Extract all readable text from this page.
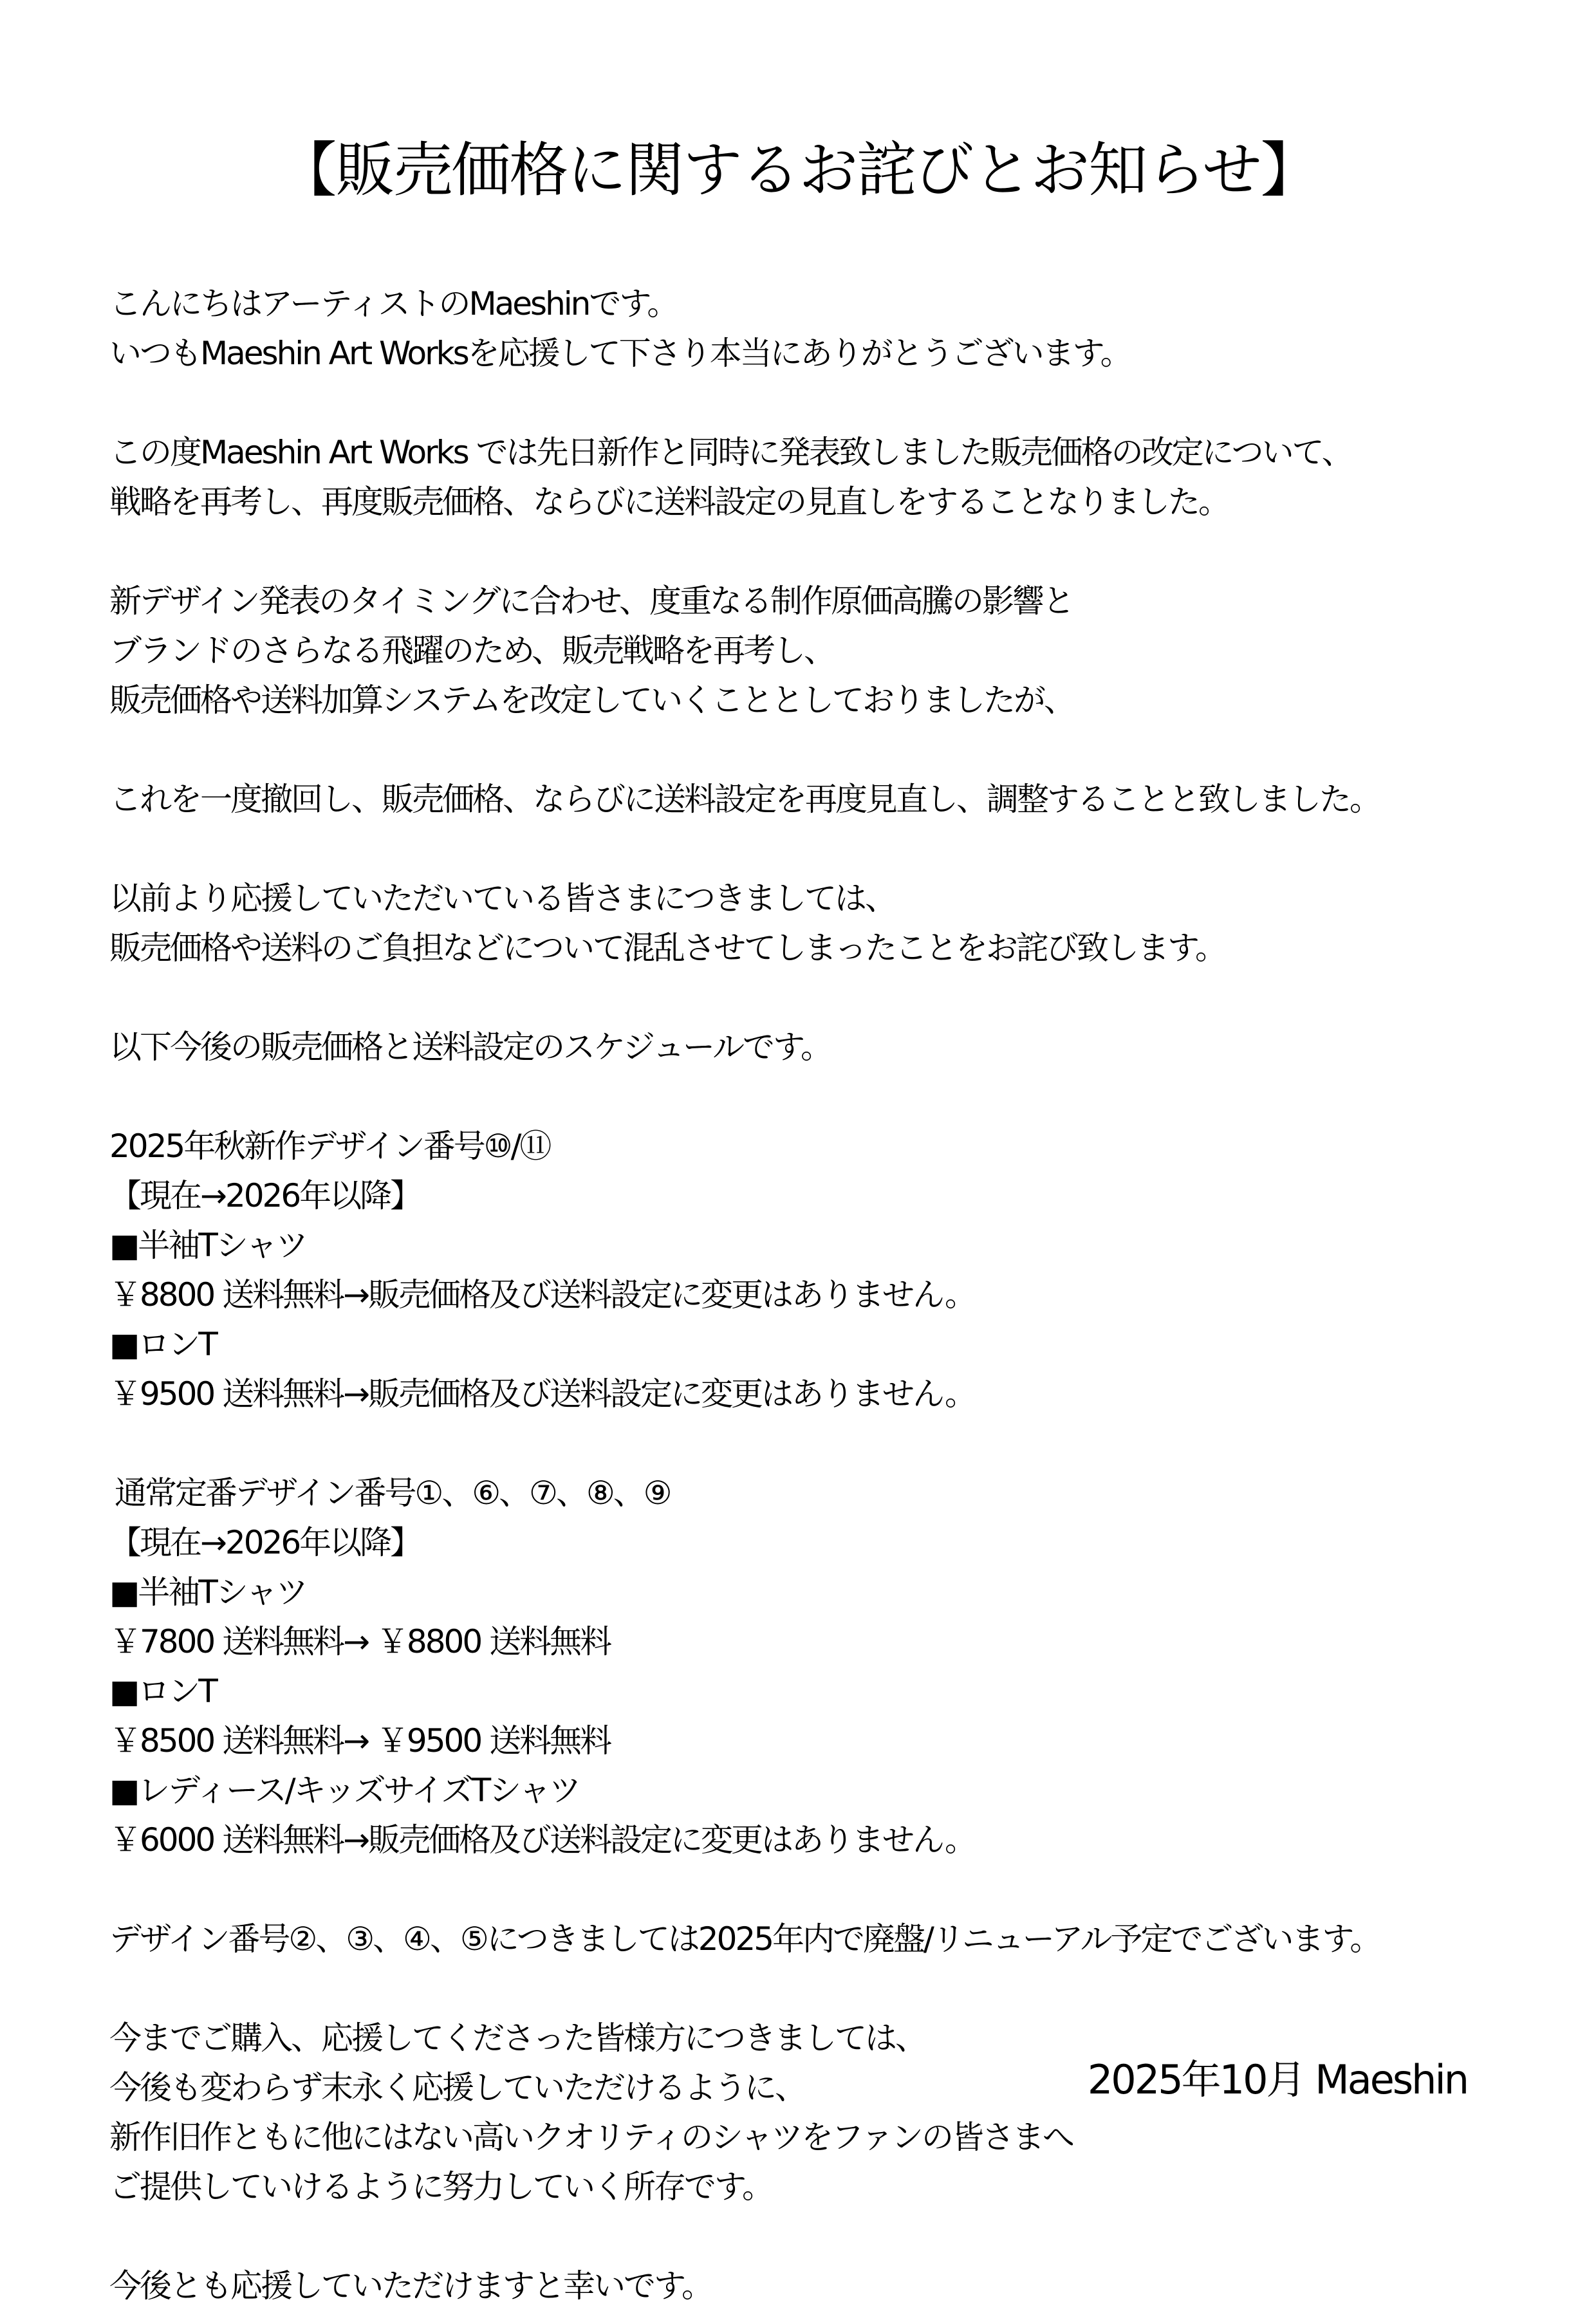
【販売価格に関するお詫びとお知らせ】
こんにちはアーティストのMaeshinです。
いつもMaeshin Art Worksを応援して下さり本当にありがとうございます。
この度Maeshin Art Works では先日新作と同時に発表致しました販売価格の改定について、
戦略を再考し、再度販売価格、ならびに送料設定の見直しをすることなりました。
新デザイン発表のタイミングに合わせ、度重なる制作原価高騰の影響と
ブランドのさらなる飛躍のため、販売戦略を再考し、
販売価格や送料加算システムを改定していくこととしておりましたが、
これを一度撤回し、販売価格、ならびに送料設定を再度見直し、調整することと致しました。
以前より応援していただいている皆さまにつきましては、
販売価格や送料のご負担などについて混乱させてしまったことをお詫び致します。
以下今後の販売価格と送料設定のスケジュールです。
2025年秋新作デザイン番号⑩/⑪
【現在→2026年以降】
■半袖Tシャツ
￥8800 送料無料→販売価格及び送料設定に変更はありません。
■ロンT
￥9500 送料無料→販売価格及び送料設定に変更はありません。
通常定番デザイン番号①、⑥、⑦、⑧、⑨
【現在→2026年以降】
■半袖Tシャツ
￥7800 送料無料→ ￥8800 送料無料
■ロンT
￥8500 送料無料→ ￥9500 送料無料
■レディース/キッズサイズTシャツ
￥6000 送料無料→販売価格及び送料設定に変更はありません。
デザイン番号②、③、④、⑤につきましては2025年内で廃盤/リニューアル予定でございます。
今までご購入、応援してくださった皆様方につきましては、
今後も変わらず末永く応援していただけるように、
新作旧作ともに他にはない高いクオリティのシャツをファンの皆さまへ
ご提供していけるように努力していく所存です。
今後とも応援していただけますと幸いです。
2025年10月 Maeshin
